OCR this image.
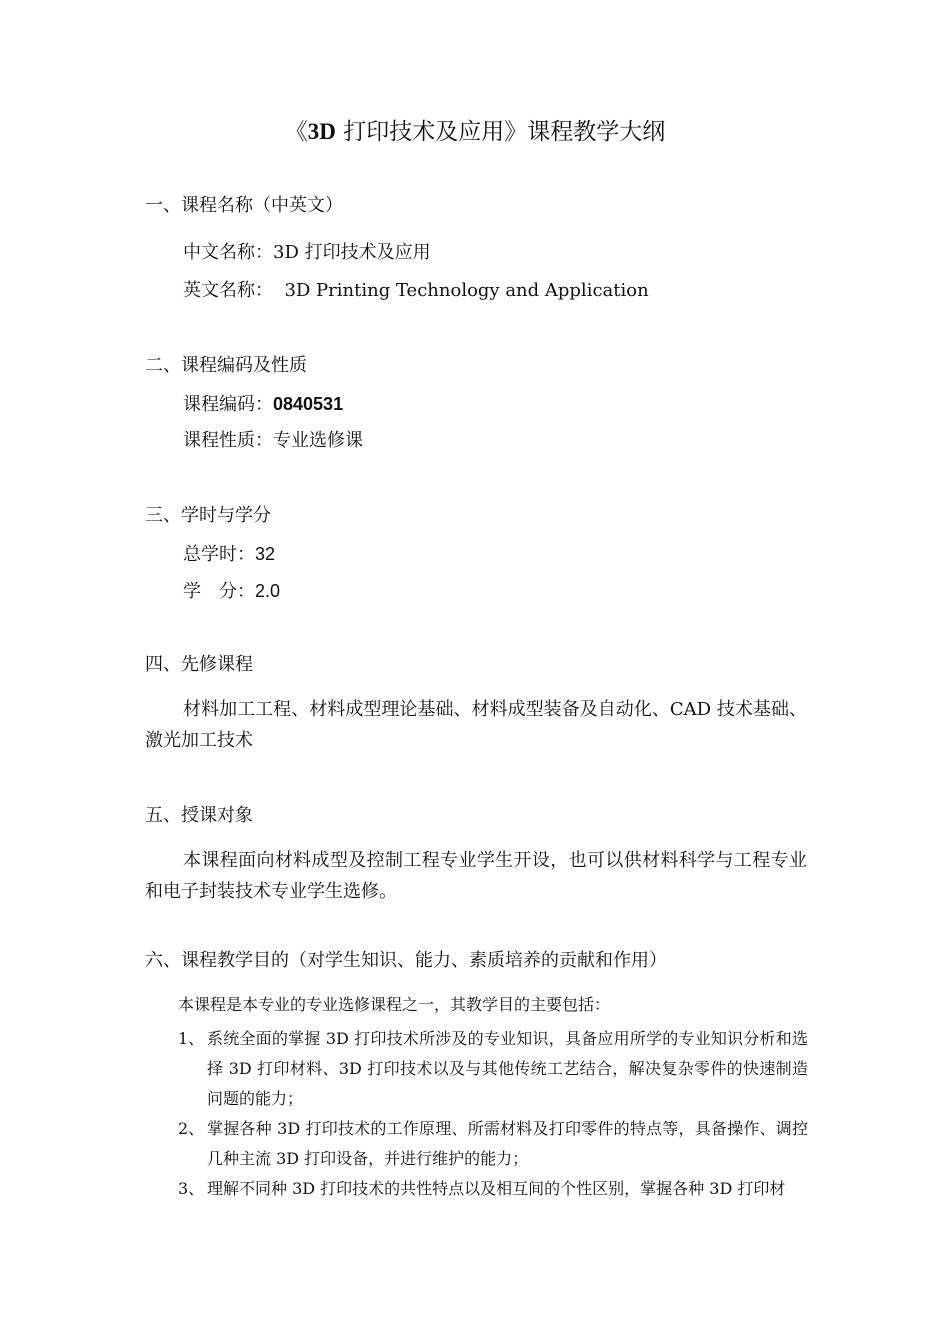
《3D 打印技术及应用》课程教学大纲
一、课程名称（中英文）
中文名称：3D 打印技术及应用
英文名称： 3D Printing Technology and Application
二、课程编码及性质
课程编码：0840531
课程性质：专业选修课
三、学时与学分
总学时：32
学　分：2.0
四、先修课程
材料加工工程、材料成型理论基础、材料成型装备及自动化、CAD 技术基础、激光加工技术
五、授课对象
本课程面向材料成型及控制工程专业学生开设，也可以供材料科学与工程专业和电子封装技术专业学生选修。
六、课程教学目的（对学生知识、能力、素质培养的贡献和作用）
本课程是本专业的专业选修课程之一，其教学目的主要包括：
1、 系统全面的掌握 3D 打印技术所涉及的专业知识，具备应用所学的专业知识分析和选择 3D 打印材料、3D 打印技术以及与其他传统工艺结合，解决复杂零件的快速制造问题的能力；
2、 掌握各种 3D 打印技术的工作原理、所需材料及打印零件的特点等，具备操作、调控几种主流 3D 打印设备，并进行维护的能力；
3、 理解不同种 3D 打印技术的共性特点以及相互间的个性区别，掌握各种 3D 打印材
